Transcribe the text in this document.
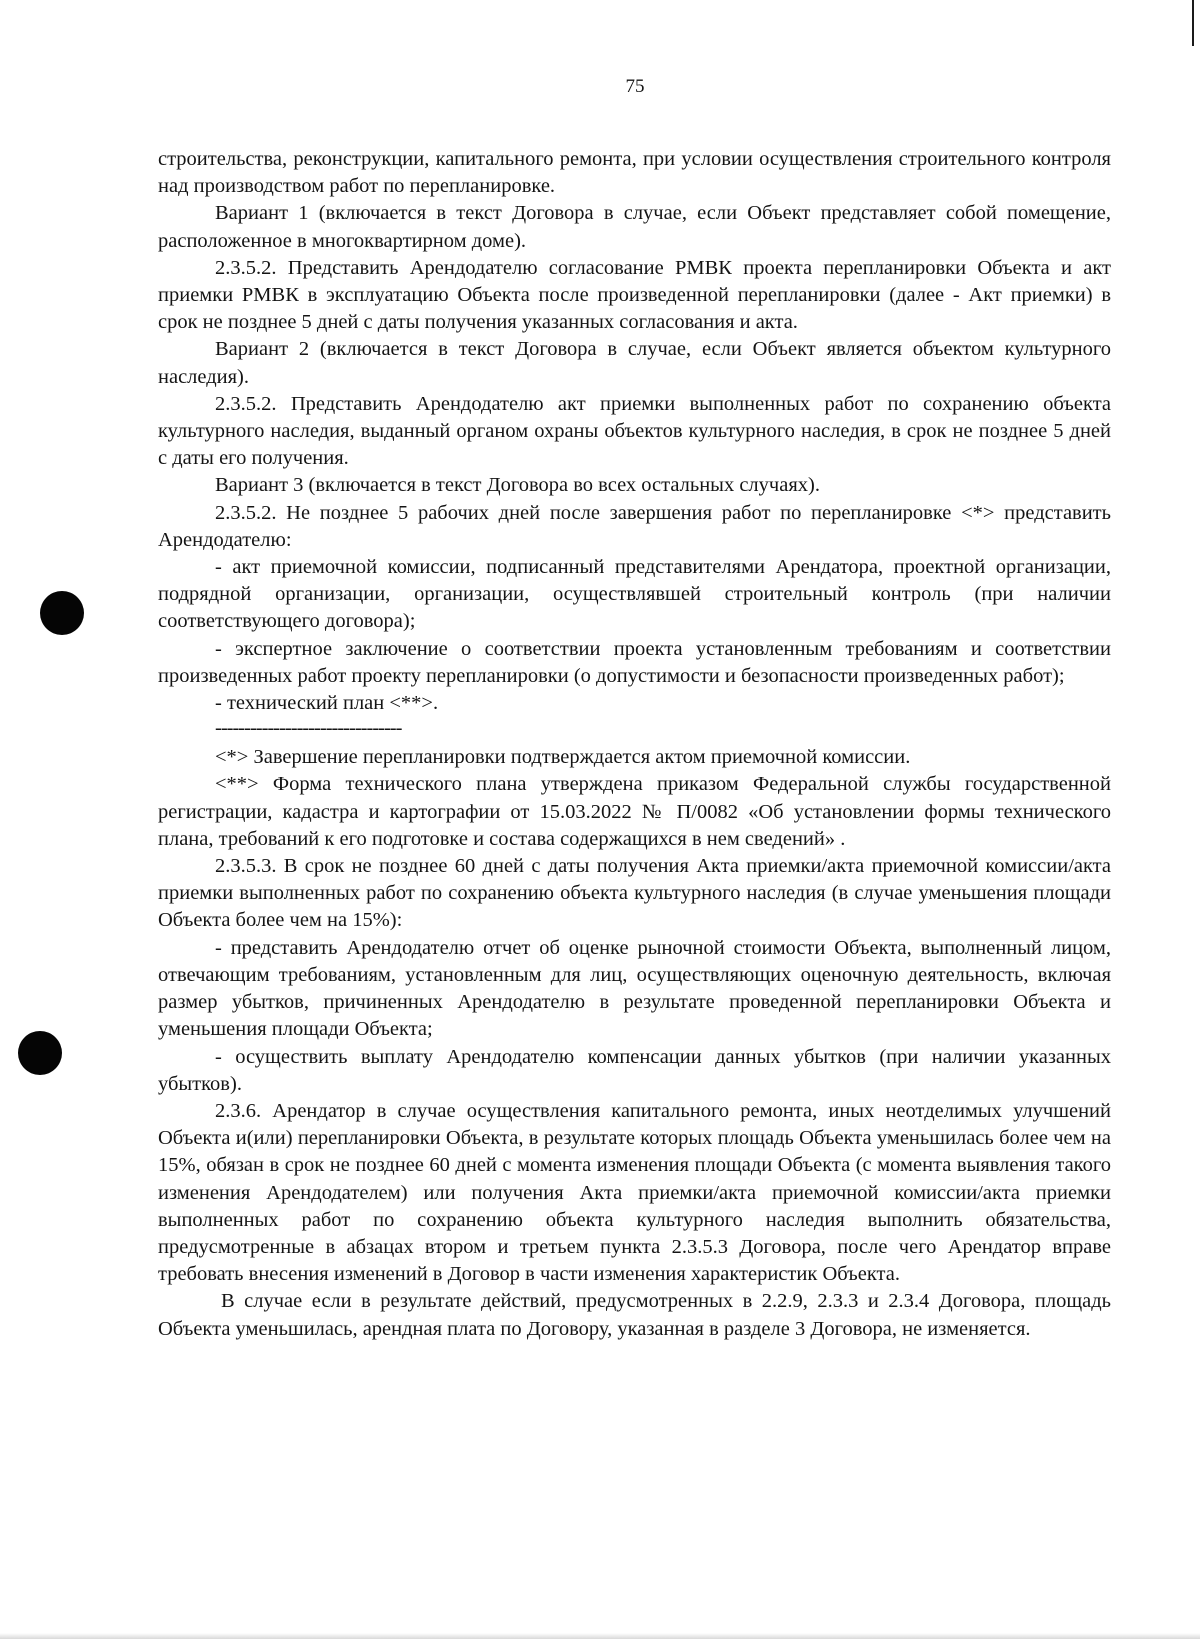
75

строительства, реконструкции, капитального ремонта, при условии осуществления строительного контроля над производством работ по перепланировке.

Вариант 1 (включается в текст Договора в случае, если Объект представляет собой помещение, расположенное в многоквартирном доме).

2.3.5.2. Представить Арендодателю согласование РМВК проекта перепланировки Объекта и акт приемки РМВК в эксплуатацию Объекта после произведенной перепланировки (далее - Акт приемки) в срок не позднее 5 дней с даты получения указанных согласования и акта.

Вариант 2 (включается в текст Договора в случае, если Объект является объектом культурного наследия).

2.3.5.2. Представить Арендодателю акт приемки выполненных работ по сохранению объекта культурного наследия, выданный органом охраны объектов культурного наследия, в срок не позднее 5 дней с даты его получения.

Вариант 3 (включается в текст Договора во всех остальных случаях).

2.3.5.2. Не позднее 5 рабочих дней после завершения работ по перепланировке <*> представить Арендодателю:

- акт приемочной комиссии, подписанный представителями Арендатора, проектной организации, подрядной организации, организации, осуществлявшей строительный контроль (при наличии соответствующего договора);

- экспертное заключение о соответствии проекта установленным требованиям и соответствии произведенных работ проекту перепланировки (о допустимости и безопасности произведенных работ);

- технический план <**>.

--------------------------------

<*> Завершение перепланировки подтверждается актом приемочной комиссии.

<**> Форма технического плана утверждена приказом Федеральной службы государственной регистрации, кадастра и картографии от 15.03.2022 № П/0082 «Об установлении формы технического плана, требований к его подготовке и состава содержащихся в нем сведений» .

2.3.5.3. В срок не позднее 60 дней с даты получения Акта приемки/акта приемочной комиссии/акта приемки выполненных работ по сохранению объекта культурного наследия (в случае уменьшения площади Объекта более чем на 15%):

- представить Арендодателю отчет об оценке рыночной стоимости Объекта, выполненный лицом, отвечающим требованиям, установленным для лиц, осуществляющих оценочную деятельность, включая размер убытков, причиненных Арендодателю в результате проведенной перепланировки Объекта и уменьшения площади Объекта;

- осуществить выплату Арендодателю компенсации данных убытков (при наличии указанных убытков).

2.3.6. Арендатор в случае осуществления капитального ремонта, иных неотделимых улучшений Объекта и(или) перепланировки Объекта, в результате которых площадь Объекта уменьшилась более чем на 15%, обязан в срок не позднее 60 дней с момента изменения площади Объекта (с момента выявления такого изменения Арендодателем) или получения Акта приемки/акта приемочной комиссии/акта приемки выполненных работ по сохранению объекта культурного наследия выполнить обязательства, предусмотренные в абзацах втором и третьем пункта 2.3.5.3 Договора, после чего Арендатор вправе требовать внесения изменений в Договор в части изменения характеристик Объекта.

В случае если в результате действий, предусмотренных в 2.2.9, 2.3.3 и 2.3.4 Договора, площадь Объекта уменьшилась, арендная плата по Договору, указанная в разделе 3 Договора, не изменяется.
